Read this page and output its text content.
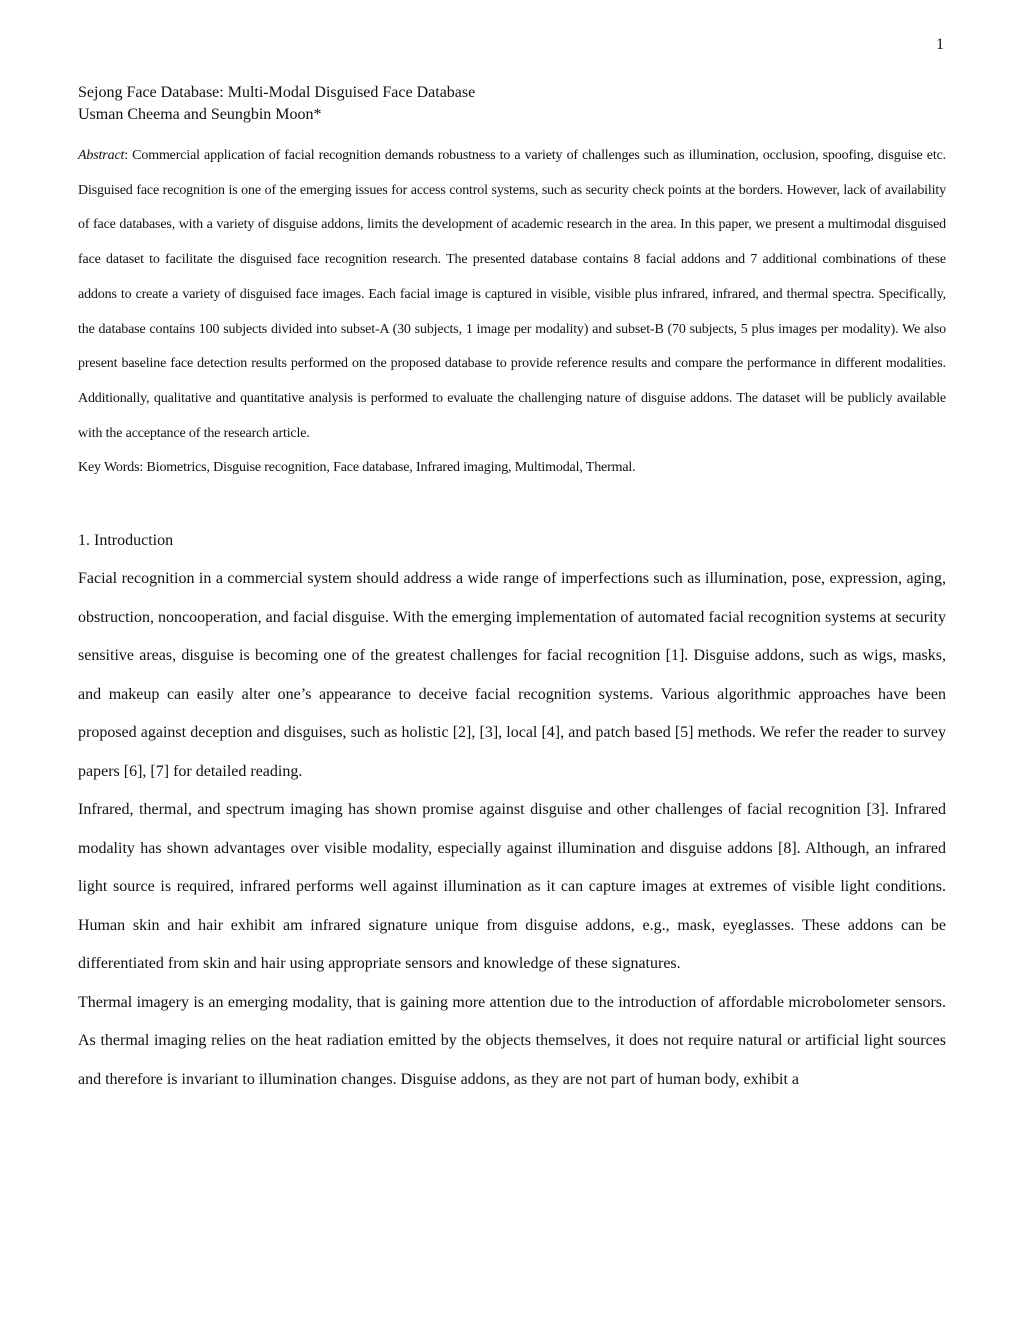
1

Sejong Face Database: Multi-Modal Disguised Face Database

Usman Cheema and Seungbin Moon*

Abstract: Commercial application of facial recognition demands robustness to a variety of challenges such as illumination, occlusion, spoofing, disguise etc. Disguised face recognition is one of the emerging issues for access control systems, such as security check points at the borders. However, lack of availability of face databases, with a variety of disguise addons, limits the development of academic research in the area. In this paper, we present a multimodal disguised face dataset to facilitate the disguised face recognition research. The presented database contains 8 facial addons and 7 additional combinations of these addons to create a variety of disguised face images. Each facial image is captured in visible, visible plus infrared, infrared, and thermal spectra. Specifically, the database contains 100 subjects divided into subset-A (30 subjects, 1 image per modality) and subset-B (70 subjects, 5 plus images per modality). We also present baseline face detection results performed on the proposed database to provide reference results and compare the performance in different modalities. Additionally, qualitative and quantitative analysis is performed to evaluate the challenging nature of disguise addons. The dataset will be publicly available with the acceptance of the research article.

Key Words: Biometrics, Disguise recognition, Face database, Infrared imaging, Multimodal, Thermal.

1. Introduction

Facial recognition in a commercial system should address a wide range of imperfections such as illumination, pose, expression, aging, obstruction, noncooperation, and facial disguise. With the emerging implementation of automated facial recognition systems at security sensitive areas, disguise is becoming one of the greatest challenges for facial recognition [1]. Disguise addons, such as wigs, masks, and makeup can easily alter one’s appearance to deceive facial recognition systems. Various algorithmic approaches have been proposed against deception and disguises, such as holistic [2], [3], local [4], and patch based [5] methods. We refer the reader to survey papers [6], [7] for detailed reading.

Infrared, thermal, and spectrum imaging has shown promise against disguise and other challenges of facial recognition [3]. Infrared modality has shown advantages over visible modality, especially against illumination and disguise addons [8]. Although, an infrared light source is required, infrared performs well against illumination as it can capture images at extremes of visible light conditions. Human skin and hair exhibit am infrared signature unique from disguise addons, e.g., mask, eyeglasses. These addons can be differentiated from skin and hair using appropriate sensors and knowledge of these signatures.

Thermal imagery is an emerging modality, that is gaining more attention due to the introduction of affordable microbolometer sensors. As thermal imaging relies on the heat radiation emitted by the objects themselves, it does not require natural or artificial light sources and therefore is invariant to illumination changes. Disguise addons, as they are not part of human body, exhibit a
